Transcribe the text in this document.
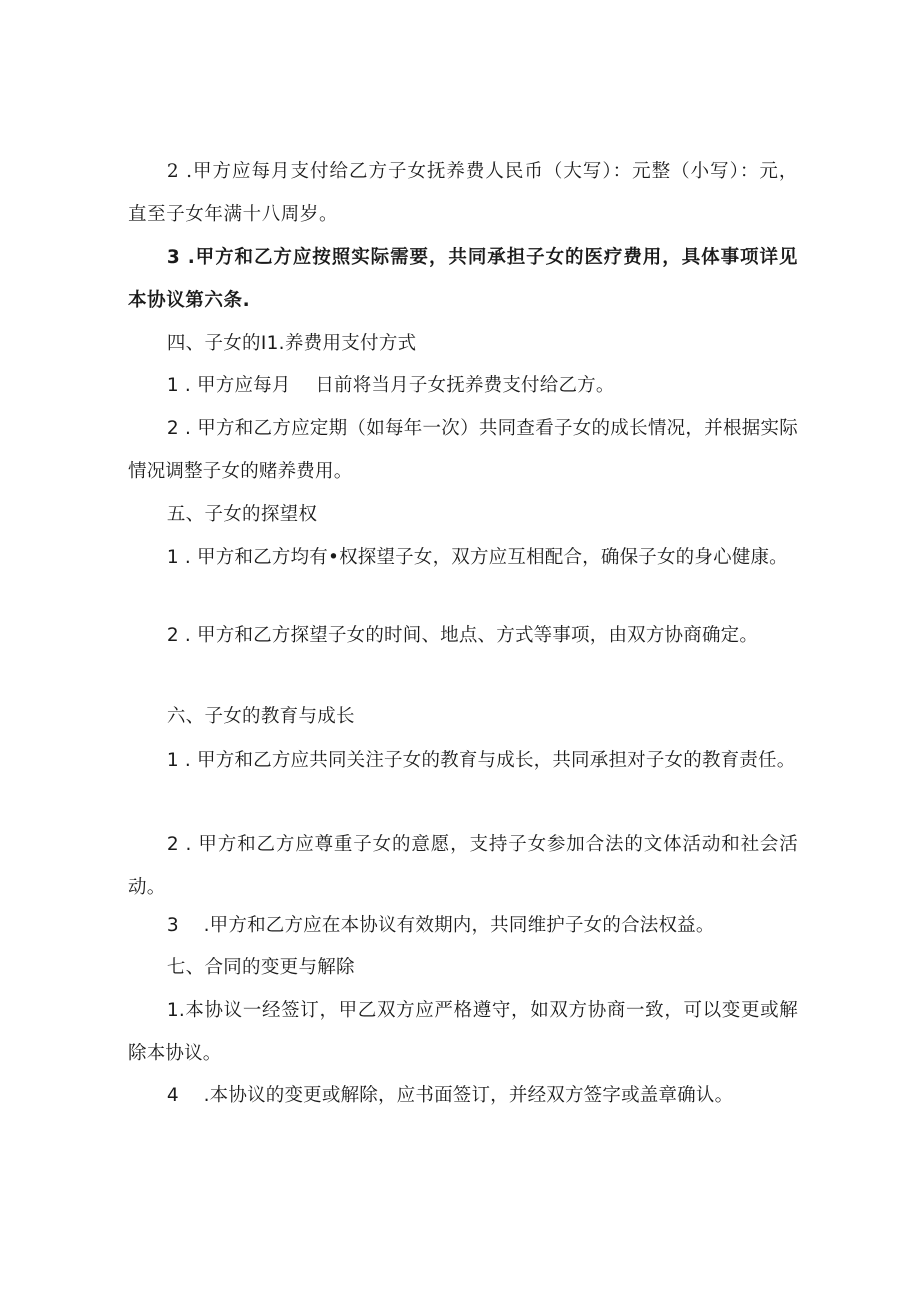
2 .甲方应每月支付给乙方子女抚养费人民币（大写）：元整（小写）：元，直至子女年满十八周岁。

3 .甲方和乙方应按照实际需要，共同承担子女的医疗费用，具体事项详见本协议第六条.

四、子女的I1.养费用支付方式

1 . 甲方应每月　 日前将当月子女抚养费支付给乙方。

2 . 甲方和乙方应定期（如每年一次）共同查看子女的成长情况，并根据实际情况调整子女的赌养费用。

五、子女的探望权

1 . 甲方和乙方均有•权探望子女，双方应互相配合，确保子女的身心健康。

2 . 甲方和乙方探望子女的时间、地点、方式等事项，由双方协商确定。

六、子女的教育与成长

1 . 甲方和乙方应共同关注子女的教育与成长，共同承担对子女的教育责任。

2 . 甲方和乙方应尊重子女的意愿，支持子女参加合法的文体活动和社会活动。

3　 .甲方和乙方应在本协议有效期内，共同维护子女的合法权益。

七、合同的变更与解除

1.本协议一经签订，甲乙双方应严格遵守，如双方协商一致，可以变更或解除本协议。

4　 .本协议的变更或解除，应书面签订，并经双方签字或盖章确认。
